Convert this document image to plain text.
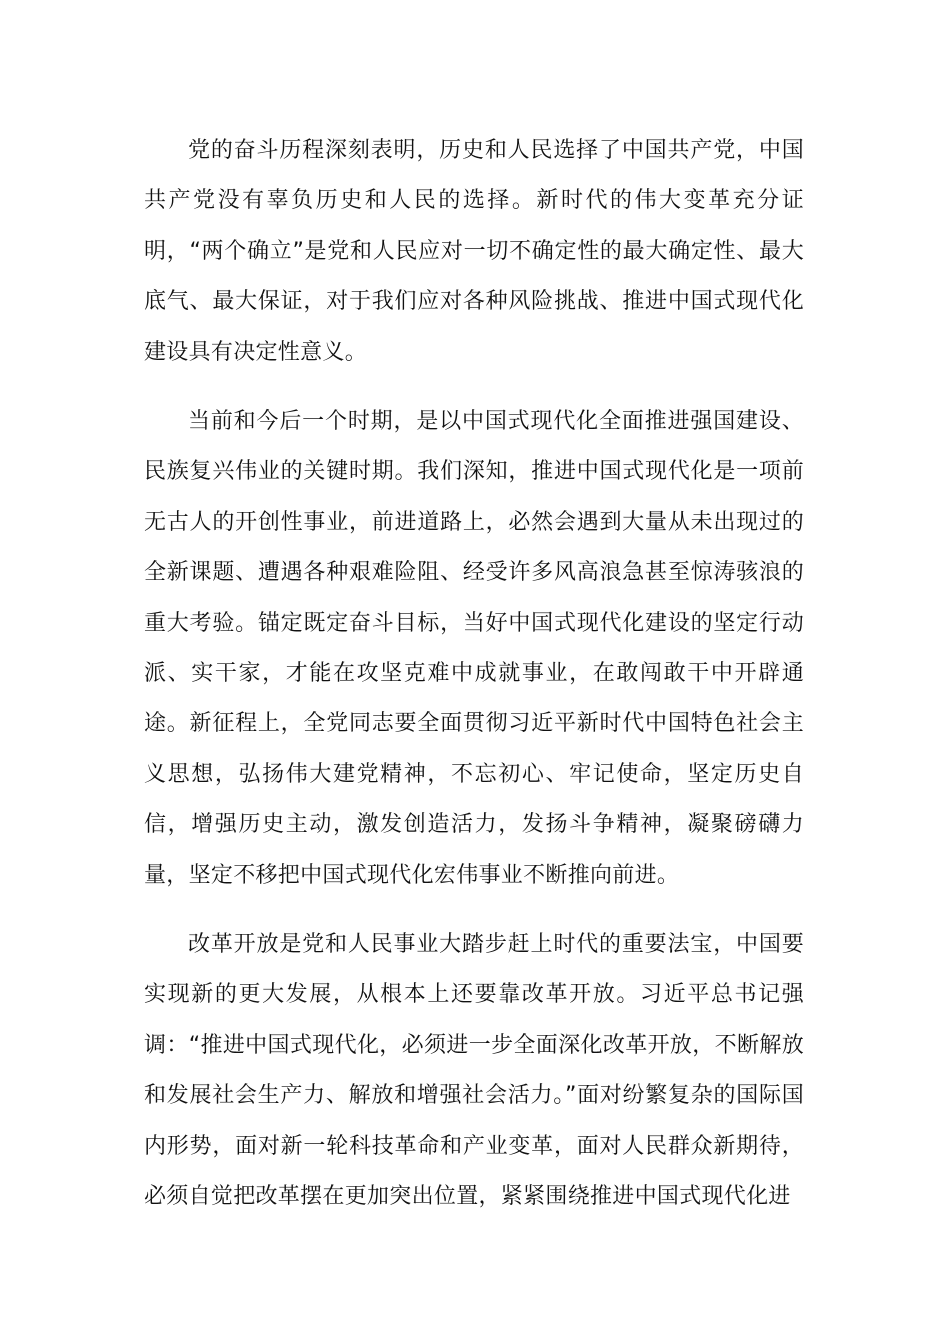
党的奋斗历程深刻表明，历史和人民选择了中国共产党，中国共产党没有辜负历史和人民的选择。新时代的伟大变革充分证明，“两个确立”是党和人民应对一切不确定性的最大确定性、最大底气、最大保证，对于我们应对各种风险挑战、推进中国式现代化建设具有决定性意义。

当前和今后一个时期，是以中国式现代化全面推进强国建设、民族复兴伟业的关键时期。我们深知，推进中国式现代化是一项前无古人的开创性事业，前进道路上，必然会遇到大量从未出现过的全新课题、遭遇各种艰难险阻、经受许多风高浪急甚至惊涛骇浪的重大考验。锚定既定奋斗目标，当好中国式现代化建设的坚定行动派、实干家，才能在攻坚克难中成就事业，在敢闯敢干中开辟通途。新征程上，全党同志要全面贯彻习近平新时代中国特色社会主义思想，弘扬伟大建党精神，不忘初心、牢记使命，坚定历史自信，增强历史主动，激发创造活力，发扬斗争精神，凝聚磅礴力量，坚定不移把中国式现代化宏伟事业不断推向前进。

改革开放是党和人民事业大踏步赶上时代的重要法宝，中国要实现新的更大发展，从根本上还要靠改革开放。习近平总书记强调：“推进中国式现代化，必须进一步全面深化改革开放，不断解放和发展社会生产力、解放和增强社会活力。”面对纷繁复杂的国际国内形势，面对新一轮科技革命和产业变革，面对人民群众新期待，必须自觉把改革摆在更加突出位置，紧紧围绕推进中国式现代化进
